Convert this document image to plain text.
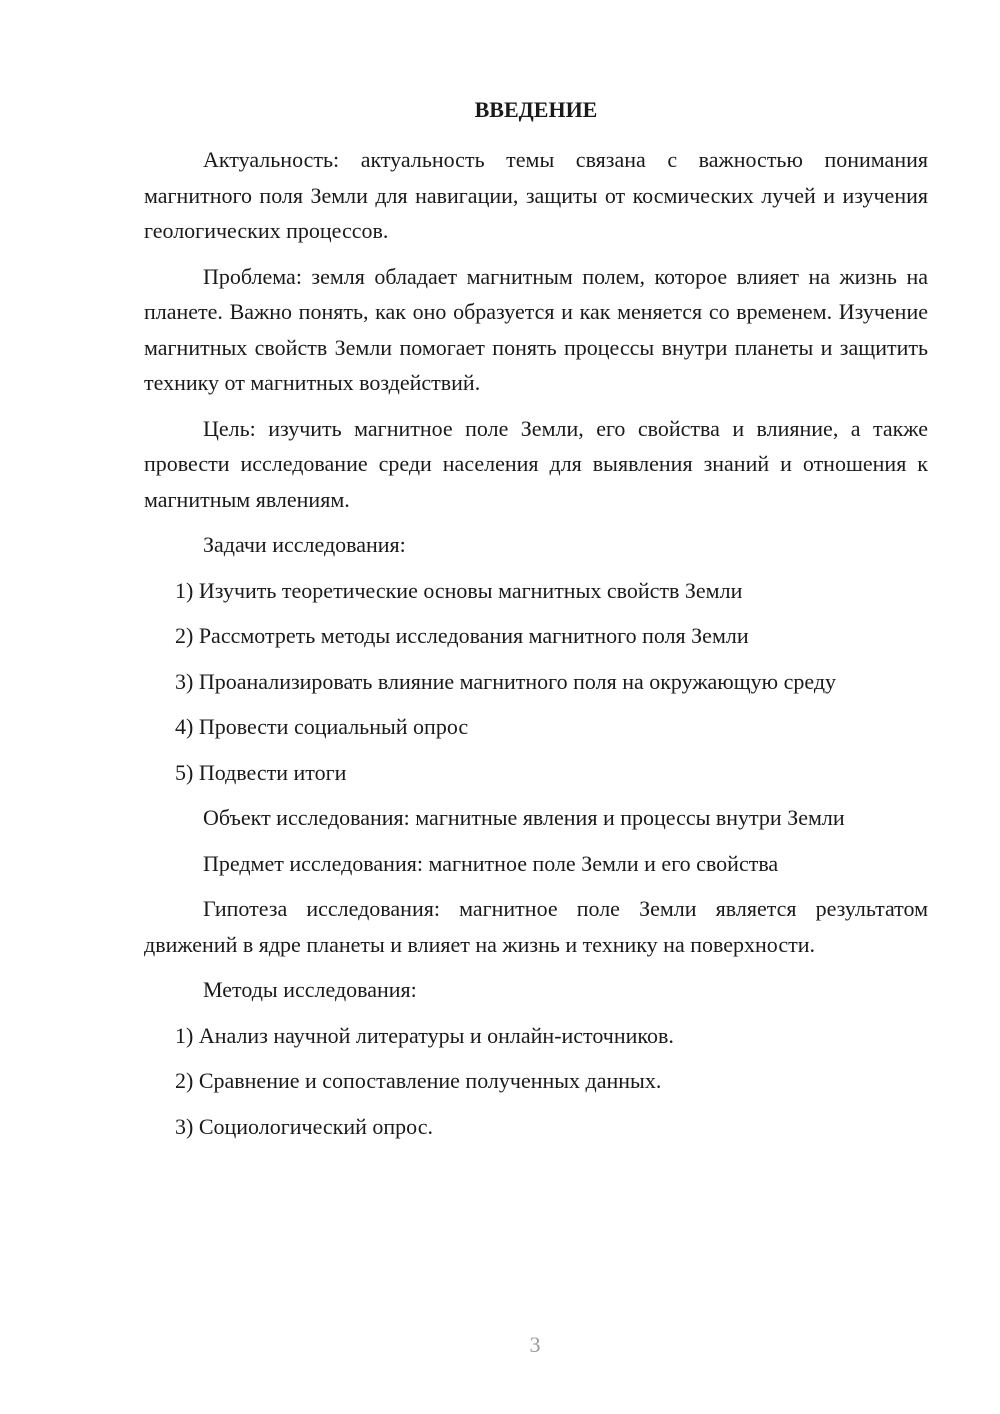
ВВЕДЕНИЕ

Актуальность: актуальность темы связана с важностью понимания магнитного поля Земли для навигации, защиты от космических лучей и изучения геологических процессов.

Проблема: земля обладает магнитным полем, которое влияет на жизнь на планете. Важно понять, как оно образуется и как меняется со временем. Изучение магнитных свойств Земли помогает понять процессы внутри планеты и защитить технику от магнитных воздействий.

Цель: изучить магнитное поле Земли, его свойства и влияние, а также провести исследование среди населения для выявления знаний и отношения к магнитным явлениям.

Задачи исследования:
1) Изучить теоретические основы магнитных свойств Земли
2) Рассмотреть методы исследования магнитного поля Земли
3) Проанализировать влияние магнитного поля на окружающую среду
4) Провести социальный опрос
5) Подвести итоги
Объект исследования: магнитные явления и процессы внутри Земли
Предмет исследования: магнитное поле Земли и его свойства

Гипотеза исследования: магнитное поле Земли является результатом движений в ядре планеты и влияет на жизнь и технику на поверхности.

Методы исследования:
1) Анализ научной литературы и онлайн-источников.
2) Сравнение и сопоставление полученных данных.
3) Социологический опрос.
3
